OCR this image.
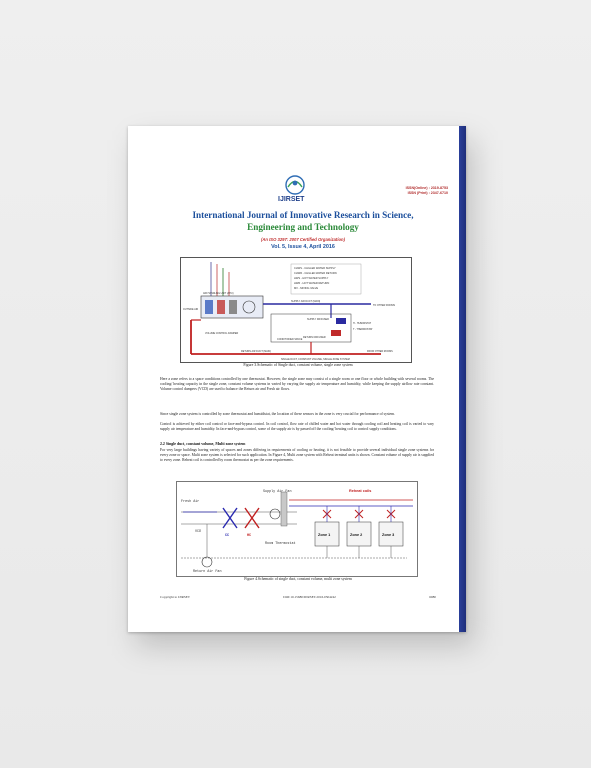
IJIRSET
ISSN(Online) : 2319-8753
ISSN (Print) : 2347-6710
International Journal of Innovative Research in Science,
Engineering and Technology
(An ISO 3297: 2007 Certified Organization)
Vol. 5, Issue 4, April 2016
CHWS - CHILLED WATER SUPPLY
CHWR - CHILLED WATER RETURN
HWS - HOT WATER SUPPLY
HWR - HOT WATER RETURN
MV - MIXING VALVE
OUTSIDE AIR
AIR HANDLING UNIT (AHU)
SUPPLY AIR DUCT (MAIN)
TO OTHER ROOMS
SUPPLY DIFFUSER
H - HUMIDISTAT
T - THERMOSTAT
RETURN DIFFUSER
CONDITIONED SPACE
RETURN AIR DUCT (MAIN)
VOLUME CONTROL DAMPER
FROM OTHER ROOMS
SINGLE DUCT, CONSTANT VOLUME, SINGLE ZONE SYSTEM
Figure 3.Schematic of Single duct, constant volume, single zone system
Here a zone refers to a space conditions controlled by one thermostat. However, the single zone may consist of a single room or one floor or whole building with several rooms. The cooling/ heating capacity in the single zone, constant volume systems in varied by varying the supply air temperature and humidity, while keeping the supply airflow rate constant. Volume control dampers (VCD) are used to balance the Return air and Fresh air flows.
Since single zone system is controlled by zone thermostat and humidistat, the location of these sensors in the zone is very crucial for performance of system.
Control is achieved by either coil control or face-and-bypass control. In coil control, flow rate of chilled water and hot water through cooling coil and heating coil is varied to vary supply air temperature and humidity. In face-and-bypass control, some of the supply air is by passed off the cooling/ heating coil to control supply conditions.
2.2 Single duct, constant volume, Multi zone system
For very large buildings having variety of spaces and zones differing in requirements of cooling or heating, it is not feasible to provide several individual single zone systems for every zone or space. Multi zone system is selected for such application. In Figure 4, Multi zone system with Reheat terminal units is shown. Constant volume of supply air is supplied to every zone. Reheat coil is controlled by room thermostat as per the zone requirements.
Fresh Air
VCD
CC	HC
Supply Air Fan
Room Thermostat
Return Air Fan
Reheat coils
Zone 1	Zone 2	Zone 3
Figure 4.Schematic of single duct, constant volume, multi zone system
Copyright to IJIRSET	DOI:10.15680/IJIRSET.2016.0504242	6080
